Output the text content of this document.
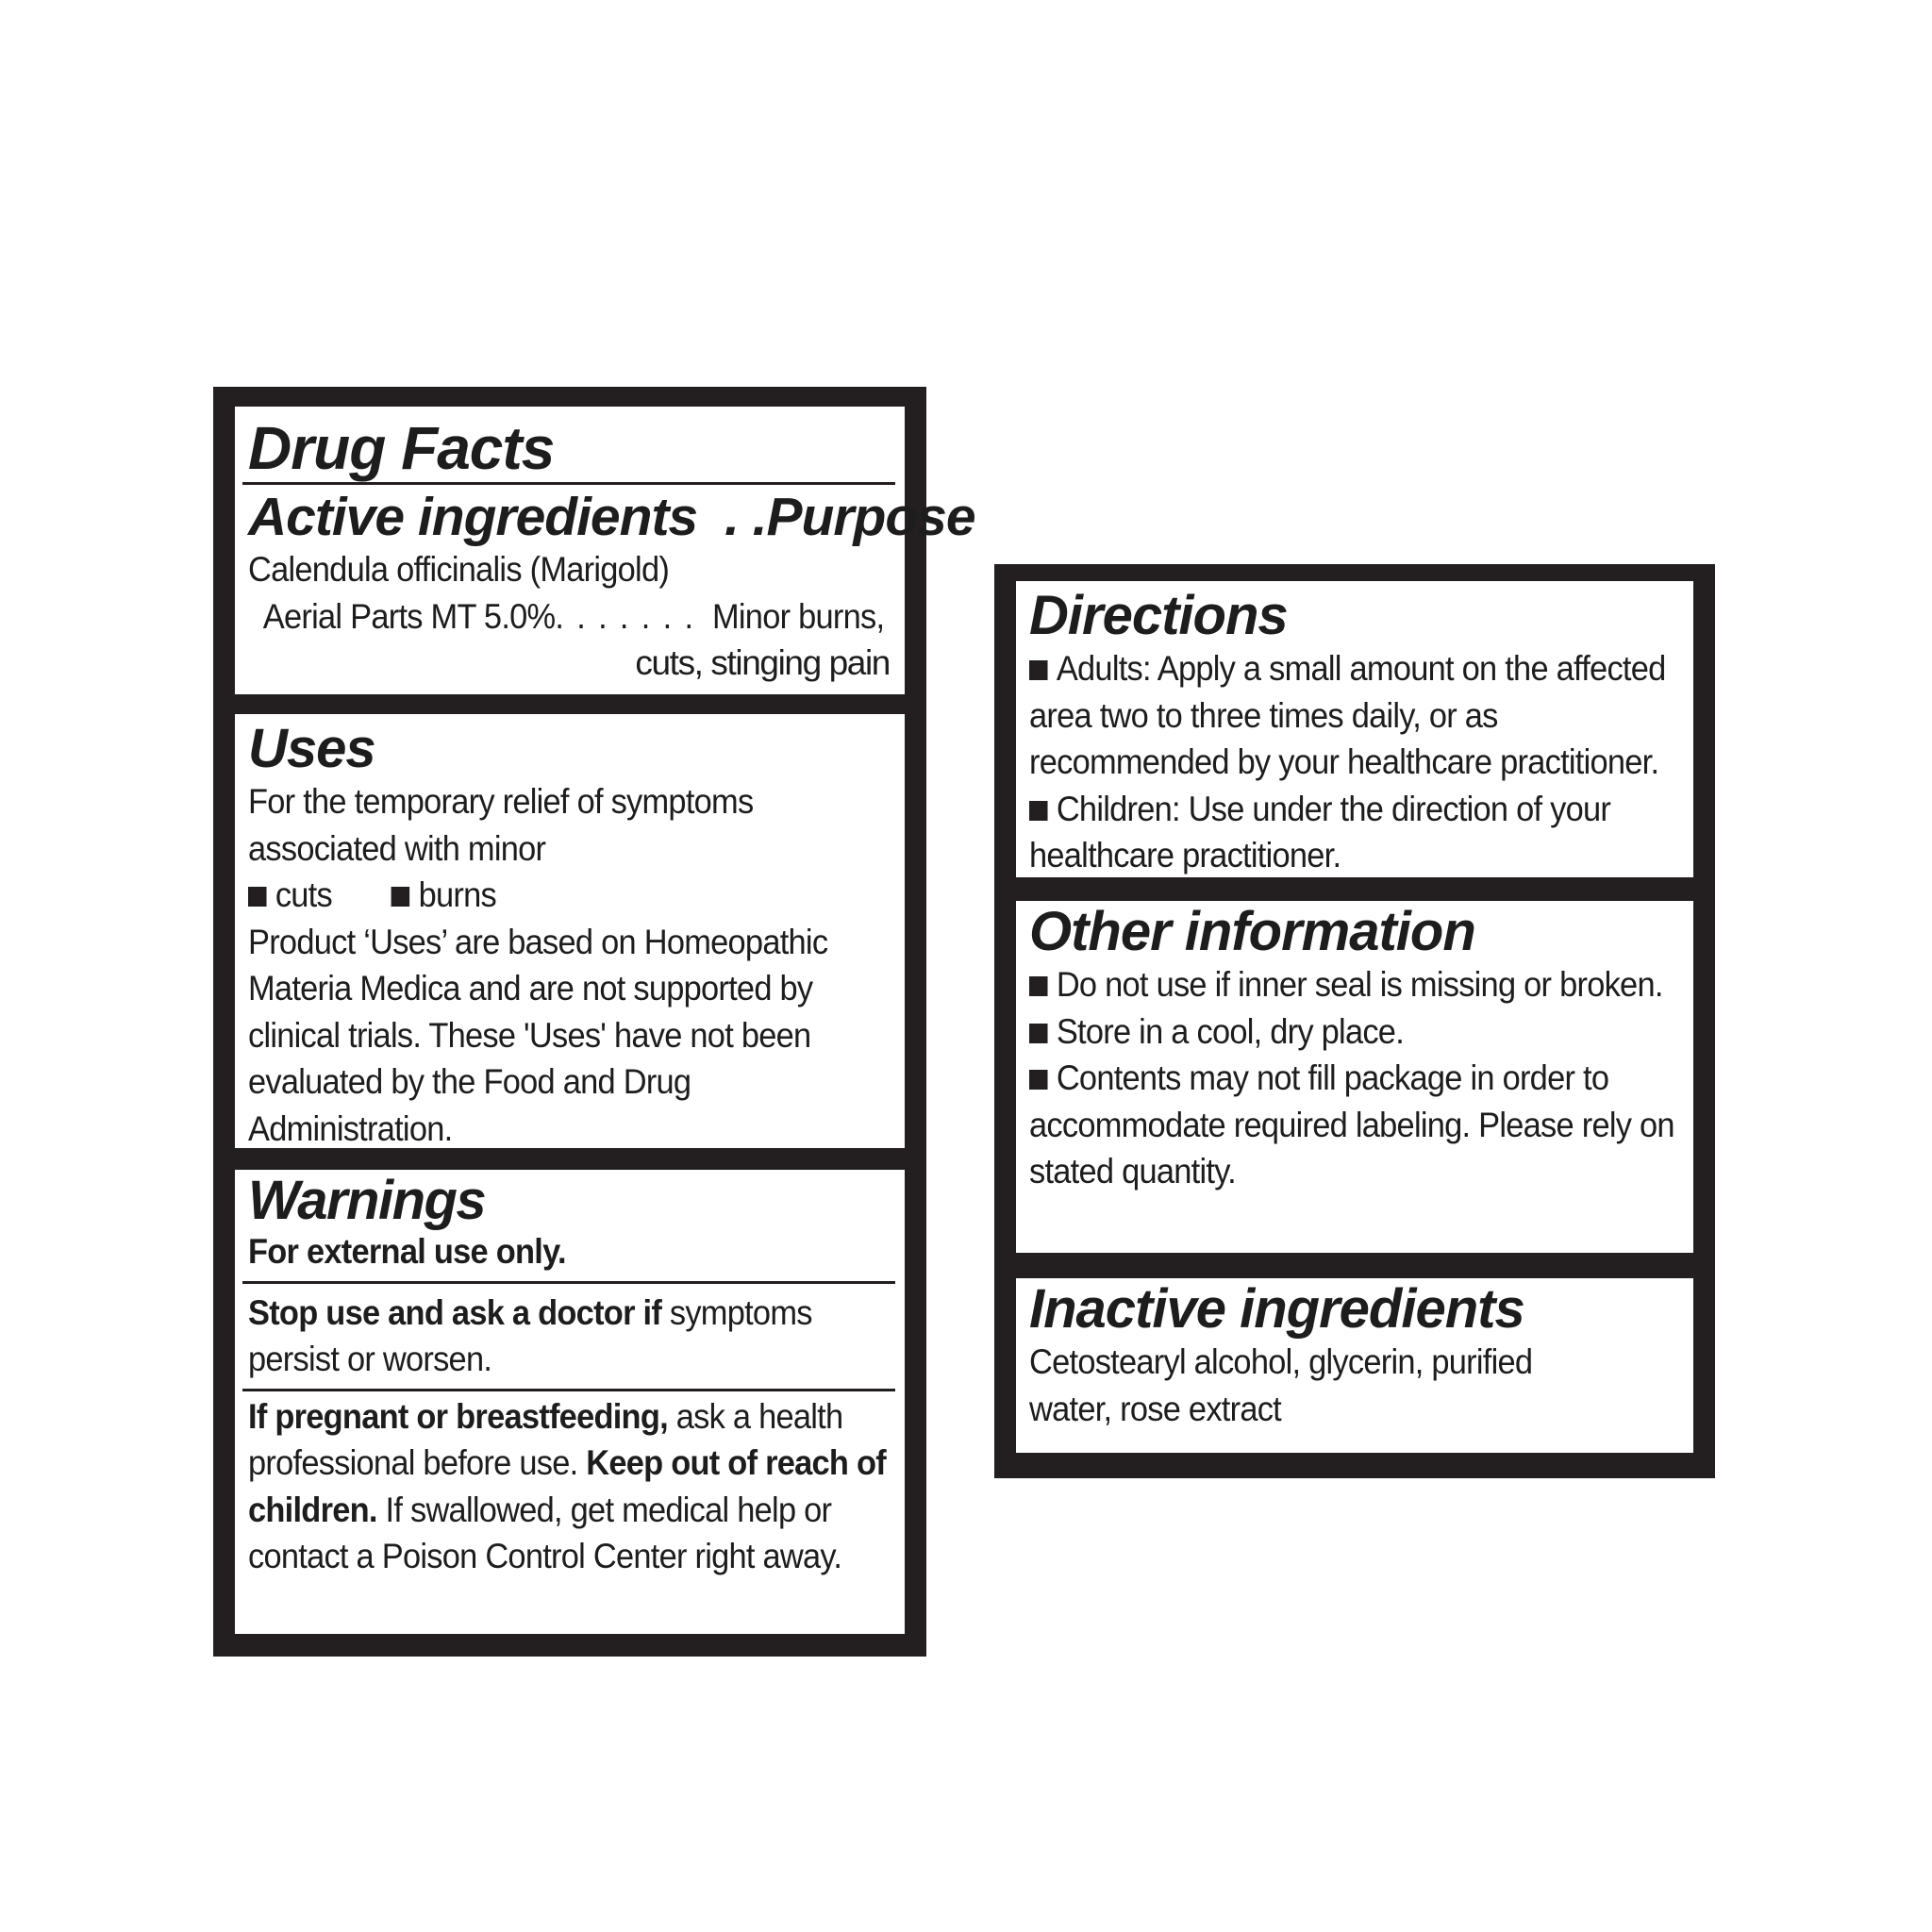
Drug Facts
Active ingredients . . Purpose
Calendula officinalis (Marigold)
Aerial Parts MT 5.0%. . . . . . . Minor burns,
cuts, stinging pain
Uses
For the temporary relief of symptoms associated with minor
cuts burns
Product ‘Uses’ are based on Homeopathic Materia Medica and are not supported by clinical trials. These 'Uses' have not been evaluated by the Food and Drug Administration.
Warnings
For external use only.
Stop use and ask a doctor if symptoms persist or worsen.
If pregnant or breastfeeding, ask a health professional before use. Keep out of reach of children. If swallowed, get medical help or contact a Poison Control Center right away.
Directions
Adults: Apply a small amount on the affected area two to three times daily, or as recommended by your healthcare practitioner.
Children: Use under the direction of your healthcare practitioner.
Other information
Do not use if inner seal is missing or broken.
Store in a cool, dry place.
Contents may not fill package in order to accommodate required labeling. Please rely on stated quantity.
Inactive ingredients
Cetostearyl alcohol, glycerin, purified water, rose extract
